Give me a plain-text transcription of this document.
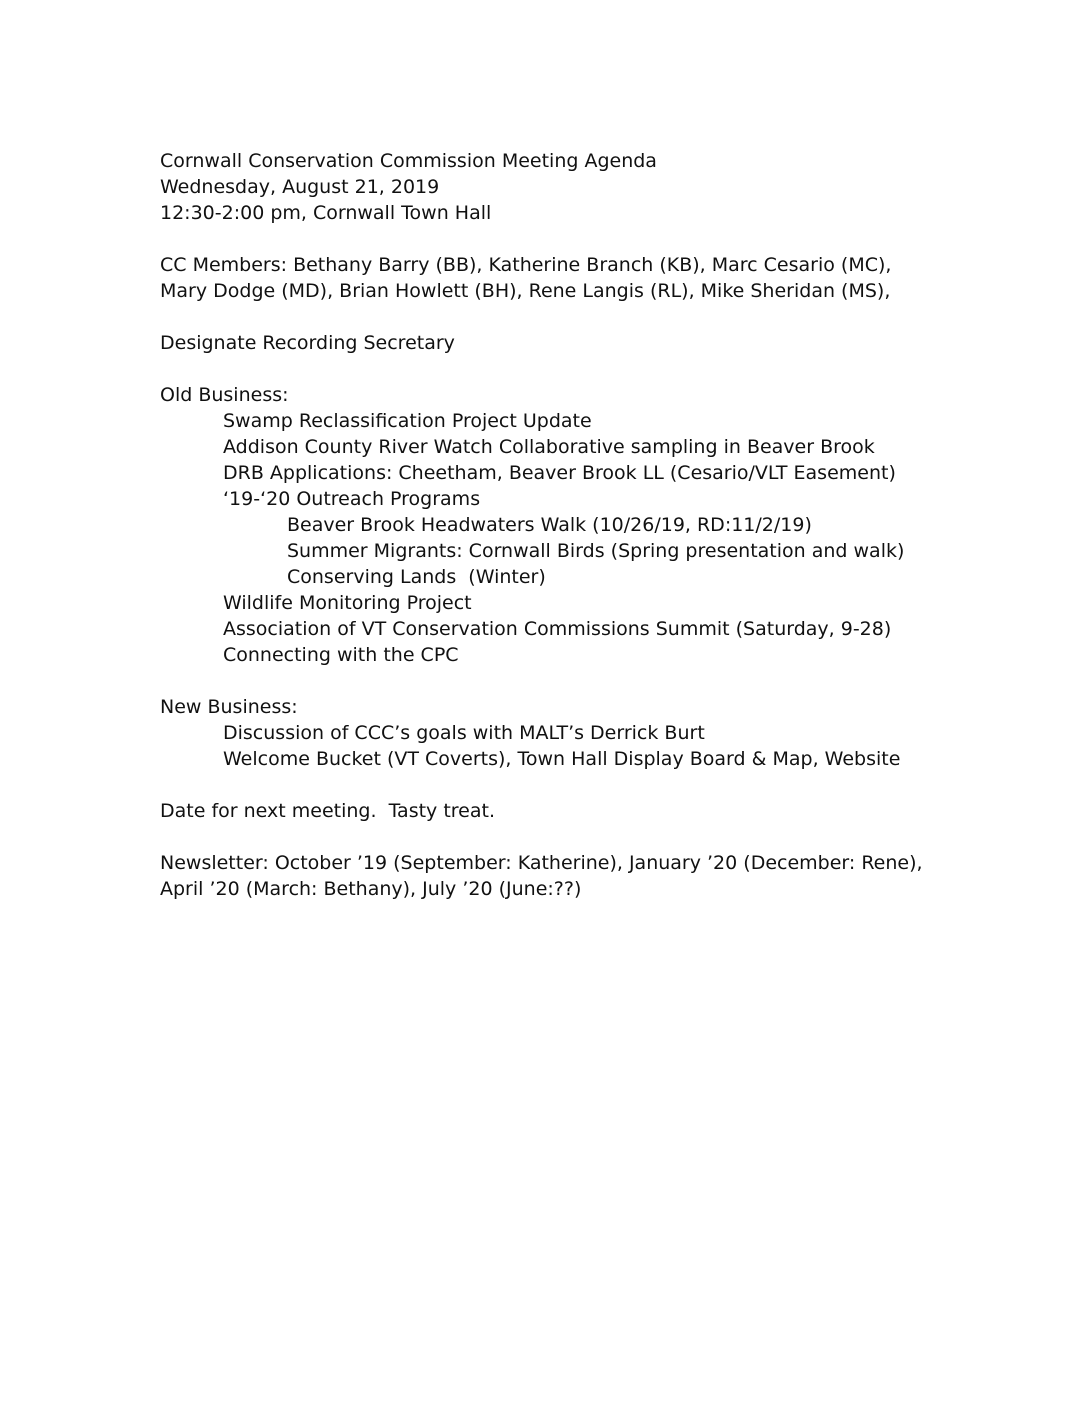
Cornwall Conservation Commission Meeting Agenda
Wednesday, August 21, 2019
12:30-2:00 pm, Cornwall Town Hall
CC Members: Bethany Barry (BB), Katherine Branch (KB), Marc Cesario (MC),
Mary Dodge (MD), Brian Howlett (BH), Rene Langis (RL), Mike Sheridan (MS),
Designate Recording Secretary
Old Business:
Swamp Reclassification Project Update
Addison County River Watch Collaborative sampling in Beaver Brook
DRB Applications: Cheetham, Beaver Brook LL (Cesario/VLT Easement)
‘19-‘20 Outreach Programs
Beaver Brook Headwaters Walk (10/26/19, RD:11/2/19)
Summer Migrants: Cornwall Birds (Spring presentation and walk)
Conserving Lands  (Winter)
Wildlife Monitoring Project
Association of VT Conservation Commissions Summit (Saturday, 9-28)
Connecting with the CPC
New Business:
Discussion of CCC’s goals with MALT’s Derrick Burt
Welcome Bucket (VT Coverts), Town Hall Display Board & Map, Website
Date for next meeting.  Tasty treat.
Newsletter: October ’19 (September: Katherine), January ’20 (December: Rene),
April ’20 (March: Bethany), July ’20 (June:??)
